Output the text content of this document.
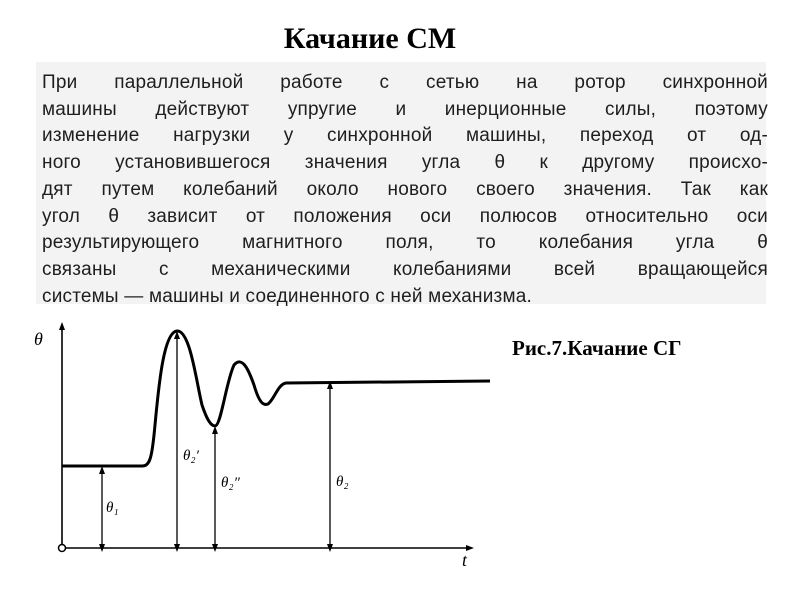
Качание СМ
При параллельной работе с сетью на ротор синхронной
машины действуют упругие и инерционные силы, поэтому
изменение нагрузки у синхронной машины, переход от од-
ного установившегося значения угла θ к другому происхо-
дят путем колебаний около нового своего значения. Так как
угол θ зависит от положения оси полюсов относительно оси
результирующего магнитного поля, то колебания угла θ
связаны с механическими колебаниями всей вращающейся
системы — машины и соединенного с ней механизма.
Рис.7.Качание СГ
θ
t
θ₁
θ₂′
θ₂″	θ₂
